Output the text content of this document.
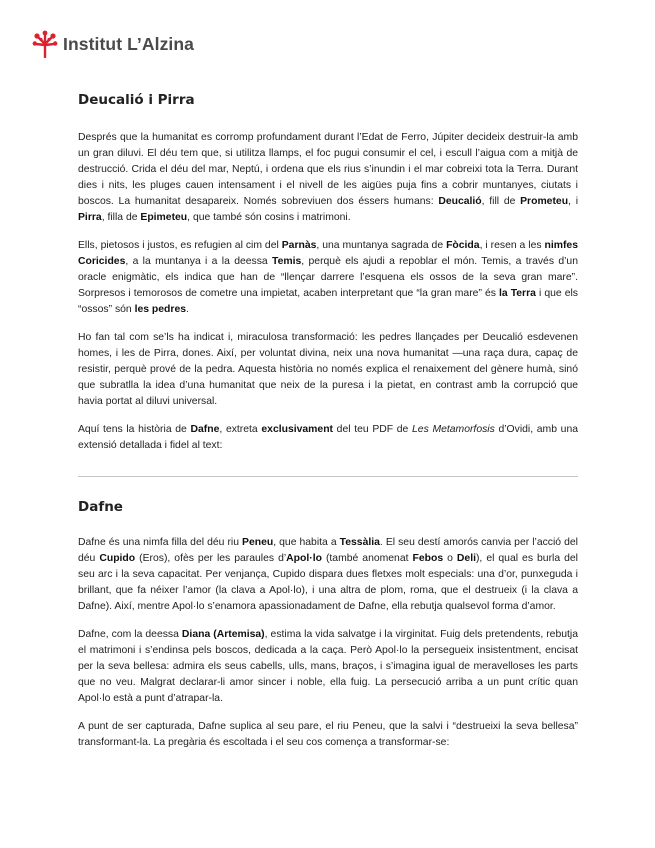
Institut L’Alzina
Deucalió i Pirra

Després que la humanitat es corromp profundament durant l’Edat de Ferro, Júpiter decideix destruir-la amb un gran diluvi. El déu tem que, si utilitza llamps, el foc pugui consumir el cel, i escull l’aigua com a mitjà de destrucció. Crida el déu del mar, Neptú, i ordena que els rius s’inundin i el mar cobreixi tota la Terra. Durant dies i nits, les pluges cauen intensament i el nivell de les aigües puja fins a cobrir muntanyes, ciutats i boscos. La humanitat desapareix. Només sobreviuen dos éssers humans: Deucalió, fill de Prometeu, i Pirra, filla de Epimeteu, que també són cosins i matrimoni.

Ells, pietosos i justos, es refugien al cim del Parnàs, una muntanya sagrada de Fòcida, i resen a les nimfes Coricides, a la muntanya i a la deessa Temis, perquè els ajudi a repoblar el món. Temis, a través d’un oracle enigmàtic, els indica que han de “llençar darrere l’esquena els ossos de la seva gran mare”. Sorpresos i temorosos de cometre una impietat, acaben interpretant que “la gran mare” és la Terra i que els “ossos” són les pedres.

Ho fan tal com se’ls ha indicat i, miraculosa transformació: les pedres llançades per Deucalió esdevenen homes, i les de Pirra, dones. Així, per voluntat divina, neix una nova humanitat —una raça dura, capaç de resistir, perquè prové de la pedra. Aquesta història no només explica el renaixement del gènere humà, sinó que subratlla la idea d’una humanitat que neix de la puresa i la pietat, en contrast amb la corrupció que havia portat al diluvi universal.

Aquí tens la història de Dafne, extreta exclusivament del teu PDF de Les Metamorfosis d’Ovidi, amb una extensió detallada i fidel al text:

Dafne

Dafne és una nimfa filla del déu riu Peneu, que habita a Tessàlia. El seu destí amorós canvia per l’acció del déu Cupido (Eros), ofès per les paraules d’Apol·lo (també anomenat Febos o Deli), el qual es burla del seu arc i la seva capacitat. Per venjança, Cupido dispara dues fletxes molt especials: una d’or, punxeguda i brillant, que fa néixer l’amor (la clava a Apol·lo), i una altra de plom, roma, que el destrueix (i la clava a Dafne). Així, mentre Apol·lo s’enamora apassionadament de Dafne, ella rebutja qualsevol forma d’amor.

Dafne, com la deessa Diana (Artemisa), estima la vida salvatge i la virginitat. Fuig dels pretendents, rebutja el matrimoni i s’endinsa pels boscos, dedicada a la caça. Però Apol·lo la persegueix insistentment, encisat per la seva bellesa: admira els seus cabells, ulls, mans, braços, i s’imagina igual de meravelloses les parts que no veu. Malgrat declarar-li amor sincer i noble, ella fuig. La persecució arriba a un punt crític quan Apol·lo està a punt d’atrapar-la.

A punt de ser capturada, Dafne suplica al seu pare, el riu Peneu, que la salvi i “destrueixi la seva bellesa” transformant-la. La pregària és escoltada i el seu cos comença a transformar-se:
